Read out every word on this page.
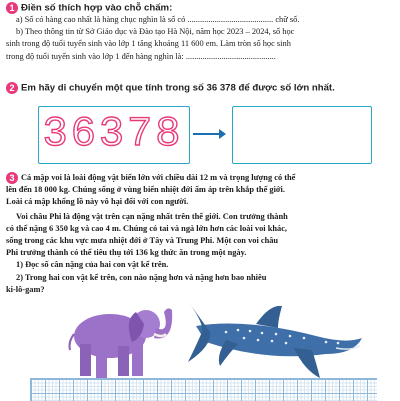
1 Điền số thích hợp vào chỗ chấm:
a) Số có hàng cao nhất là hàng chục nghìn là số có ......................................... chữ số.
b) Theo thông tin từ Sở Giáo dục và Đào tạo Hà Nội, năm học 2023 – 2024, số học
sinh trong độ tuổi tuyển sinh vào lớp 1 tăng khoảng 11 600 em. Làm tròn số học sinh
trong độ tuổi tuyển sinh vào lớp 1 đến hàng nghìn là: ...........................................
2 Em hãy di chuyển một que tính trong số 36 378 để được số lớn nhất.
36378
3 Cá mập voi là loài động vật biển lớn với chiều dài 12 m và trọng lượng có thể
lên đến 18 000 kg. Chúng sống ở vùng biển nhiệt đới ấm áp trên khắp thế giới.
Loài cá mập khổng lồ này vô hại đối với con người.
Voi châu Phi là động vật trên cạn nặng nhất trên thế giới. Con trưởng thành
có thể nặng 6 350 kg và cao 4 m. Chúng có tai và ngà lớn hơn các loài voi khác,
sống trong các khu vực mưa nhiệt đới ở Tây và Trung Phi. Một con voi châu
Phi trưởng thành có thể tiêu thụ tới 136 kg thức ăn trong một ngày.
1) Đọc số cân nặng của hai con vật kể trên.
2) Trong hai con vật kể trên, con nào nặng hơn và nặng hơn bao nhiêu
ki-lô-gam?
